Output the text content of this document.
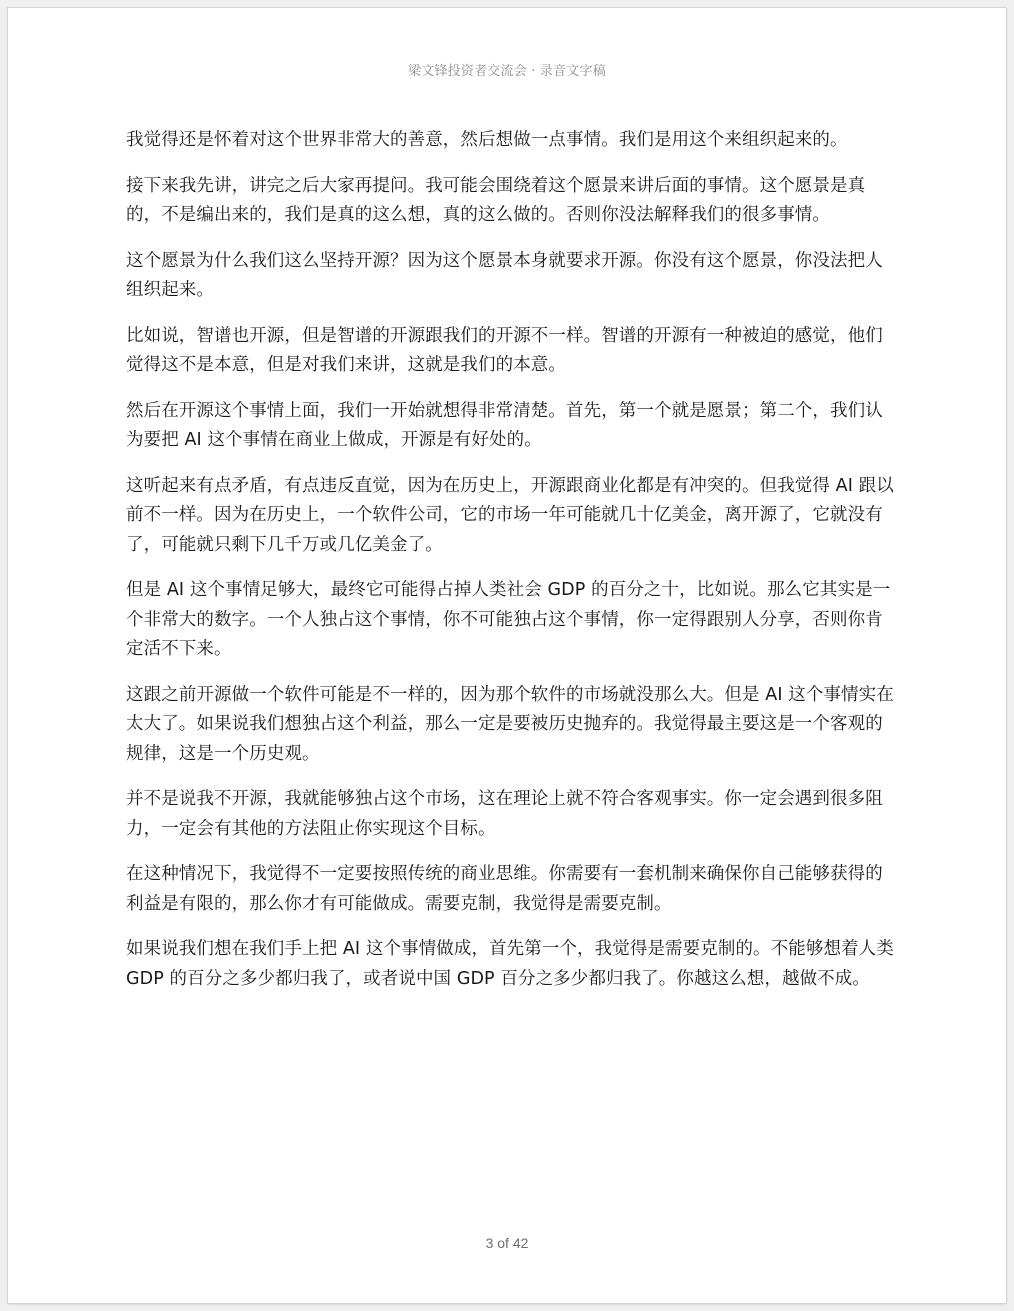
梁文锋投资者交流会 · 录音文字稿

我觉得还是怀着对这个世界非常大的善意，然后想做一点事情。我们是用这个来组织起来的。

接下来我先讲，讲完之后大家再提问。我可能会围绕着这个愿景来讲后面的事情。这个愿景是真的，不是编出来的，我们是真的这么想，真的这么做的。否则你没法解释我们的很多事情。

这个愿景为什么我们这么坚持开源？因为这个愿景本身就要求开源。你没有这个愿景，你没法把人组织起来。

比如说，智谱也开源，但是智谱的开源跟我们的开源不一样。智谱的开源有一种被迫的感觉，他们觉得这不是本意，但是对我们来讲，这就是我们的本意。

然后在开源这个事情上面，我们一开始就想得非常清楚。首先，第一个就是愿景；第二个，我们认为要把 AI 这个事情在商业上做成，开源是有好处的。

这听起来有点矛盾，有点违反直觉，因为在历史上，开源跟商业化都是有冲突的。但我觉得 AI 跟以前不一样。因为在历史上，一个软件公司，它的市场一年可能就几十亿美金，离开源了，它就没有了，可能就只剩下几千万或几亿美金了。

但是 AI 这个事情足够大，最终它可能得占掉人类社会 GDP 的百分之十，比如说。那么它其实是一个非常大的数字。一个人独占这个事情，你不可能独占这个事情，你一定得跟别人分享，否则你肯定活不下来。

这跟之前开源做一个软件可能是不一样的，因为那个软件的市场就没那么大。但是 AI 这个事情实在太大了。如果说我们想独占这个利益，那么一定是要被历史抛弃的。我觉得最主要这是一个客观的规律，这是一个历史观。

并不是说我不开源，我就能够独占这个市场，这在理论上就不符合客观事实。你一定会遇到很多阻力，一定会有其他的方法阻止你实现这个目标。

在这种情况下，我觉得不一定要按照传统的商业思维。你需要有一套机制来确保你自己能够获得的利益是有限的，那么你才有可能做成。需要克制，我觉得是需要克制。

如果说我们想在我们手上把 AI 这个事情做成，首先第一个，我觉得是需要克制的。不能够想着人类 GDP 的百分之多少都归我了，或者说中国 GDP 百分之多少都归我了。你越这么想，越做不成。

3 of 42
